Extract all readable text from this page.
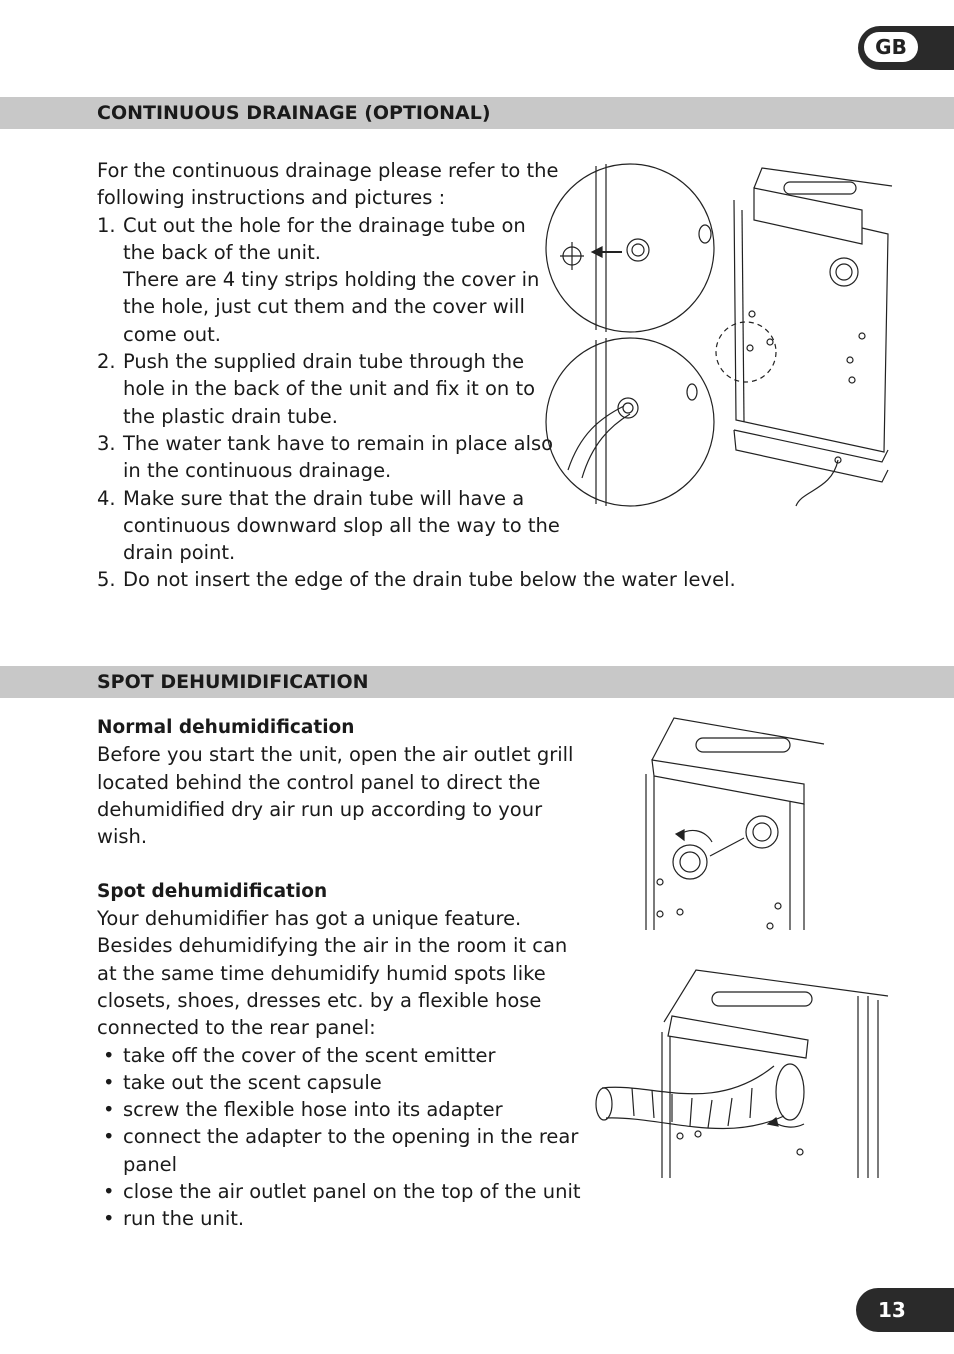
GB
CONTINUOUS DRAINAGE (OPTIONAL)

For the continuous drainage please refer to the

following instructions and pictures :

1. Cut out the hole for the drainage tube on
the back of the unit.
There are 4 tiny strips holding the cover in
the hole, just cut them and the cover will
come out.
2. Push the supplied drain tube through the
hole in the back of the unit and fix it on to
the plastic drain tube.
3. The water tank have to remain in place also
in the continuous drainage.
4. Make sure that the drain tube will have a
continuous downward slop all the way to the
drain point.
5. Do not insert the edge of the drain tube below the water level.
SPOT DEHUMIDIFICATION

Normal dehumidification

Before you start the unit, open the air outlet grill

located behind the control panel to direct the

dehumidified dry air run up according to your

wish.

Spot dehumidification

Your dehumidifier has got a unique feature.

Besides dehumidifying the air in the room it can

at the same time dehumidify humid spots like

closets, shoes, dresses etc. by a flexible hose

connected to the rear panel:

• take off the cover of the scent emitter
• take out the scent capsule
• screw the flexible hose into its adapter
• connect the adapter to the opening in the rear
panel
• close the air outlet panel on the top of the unit
• run the unit.
13
